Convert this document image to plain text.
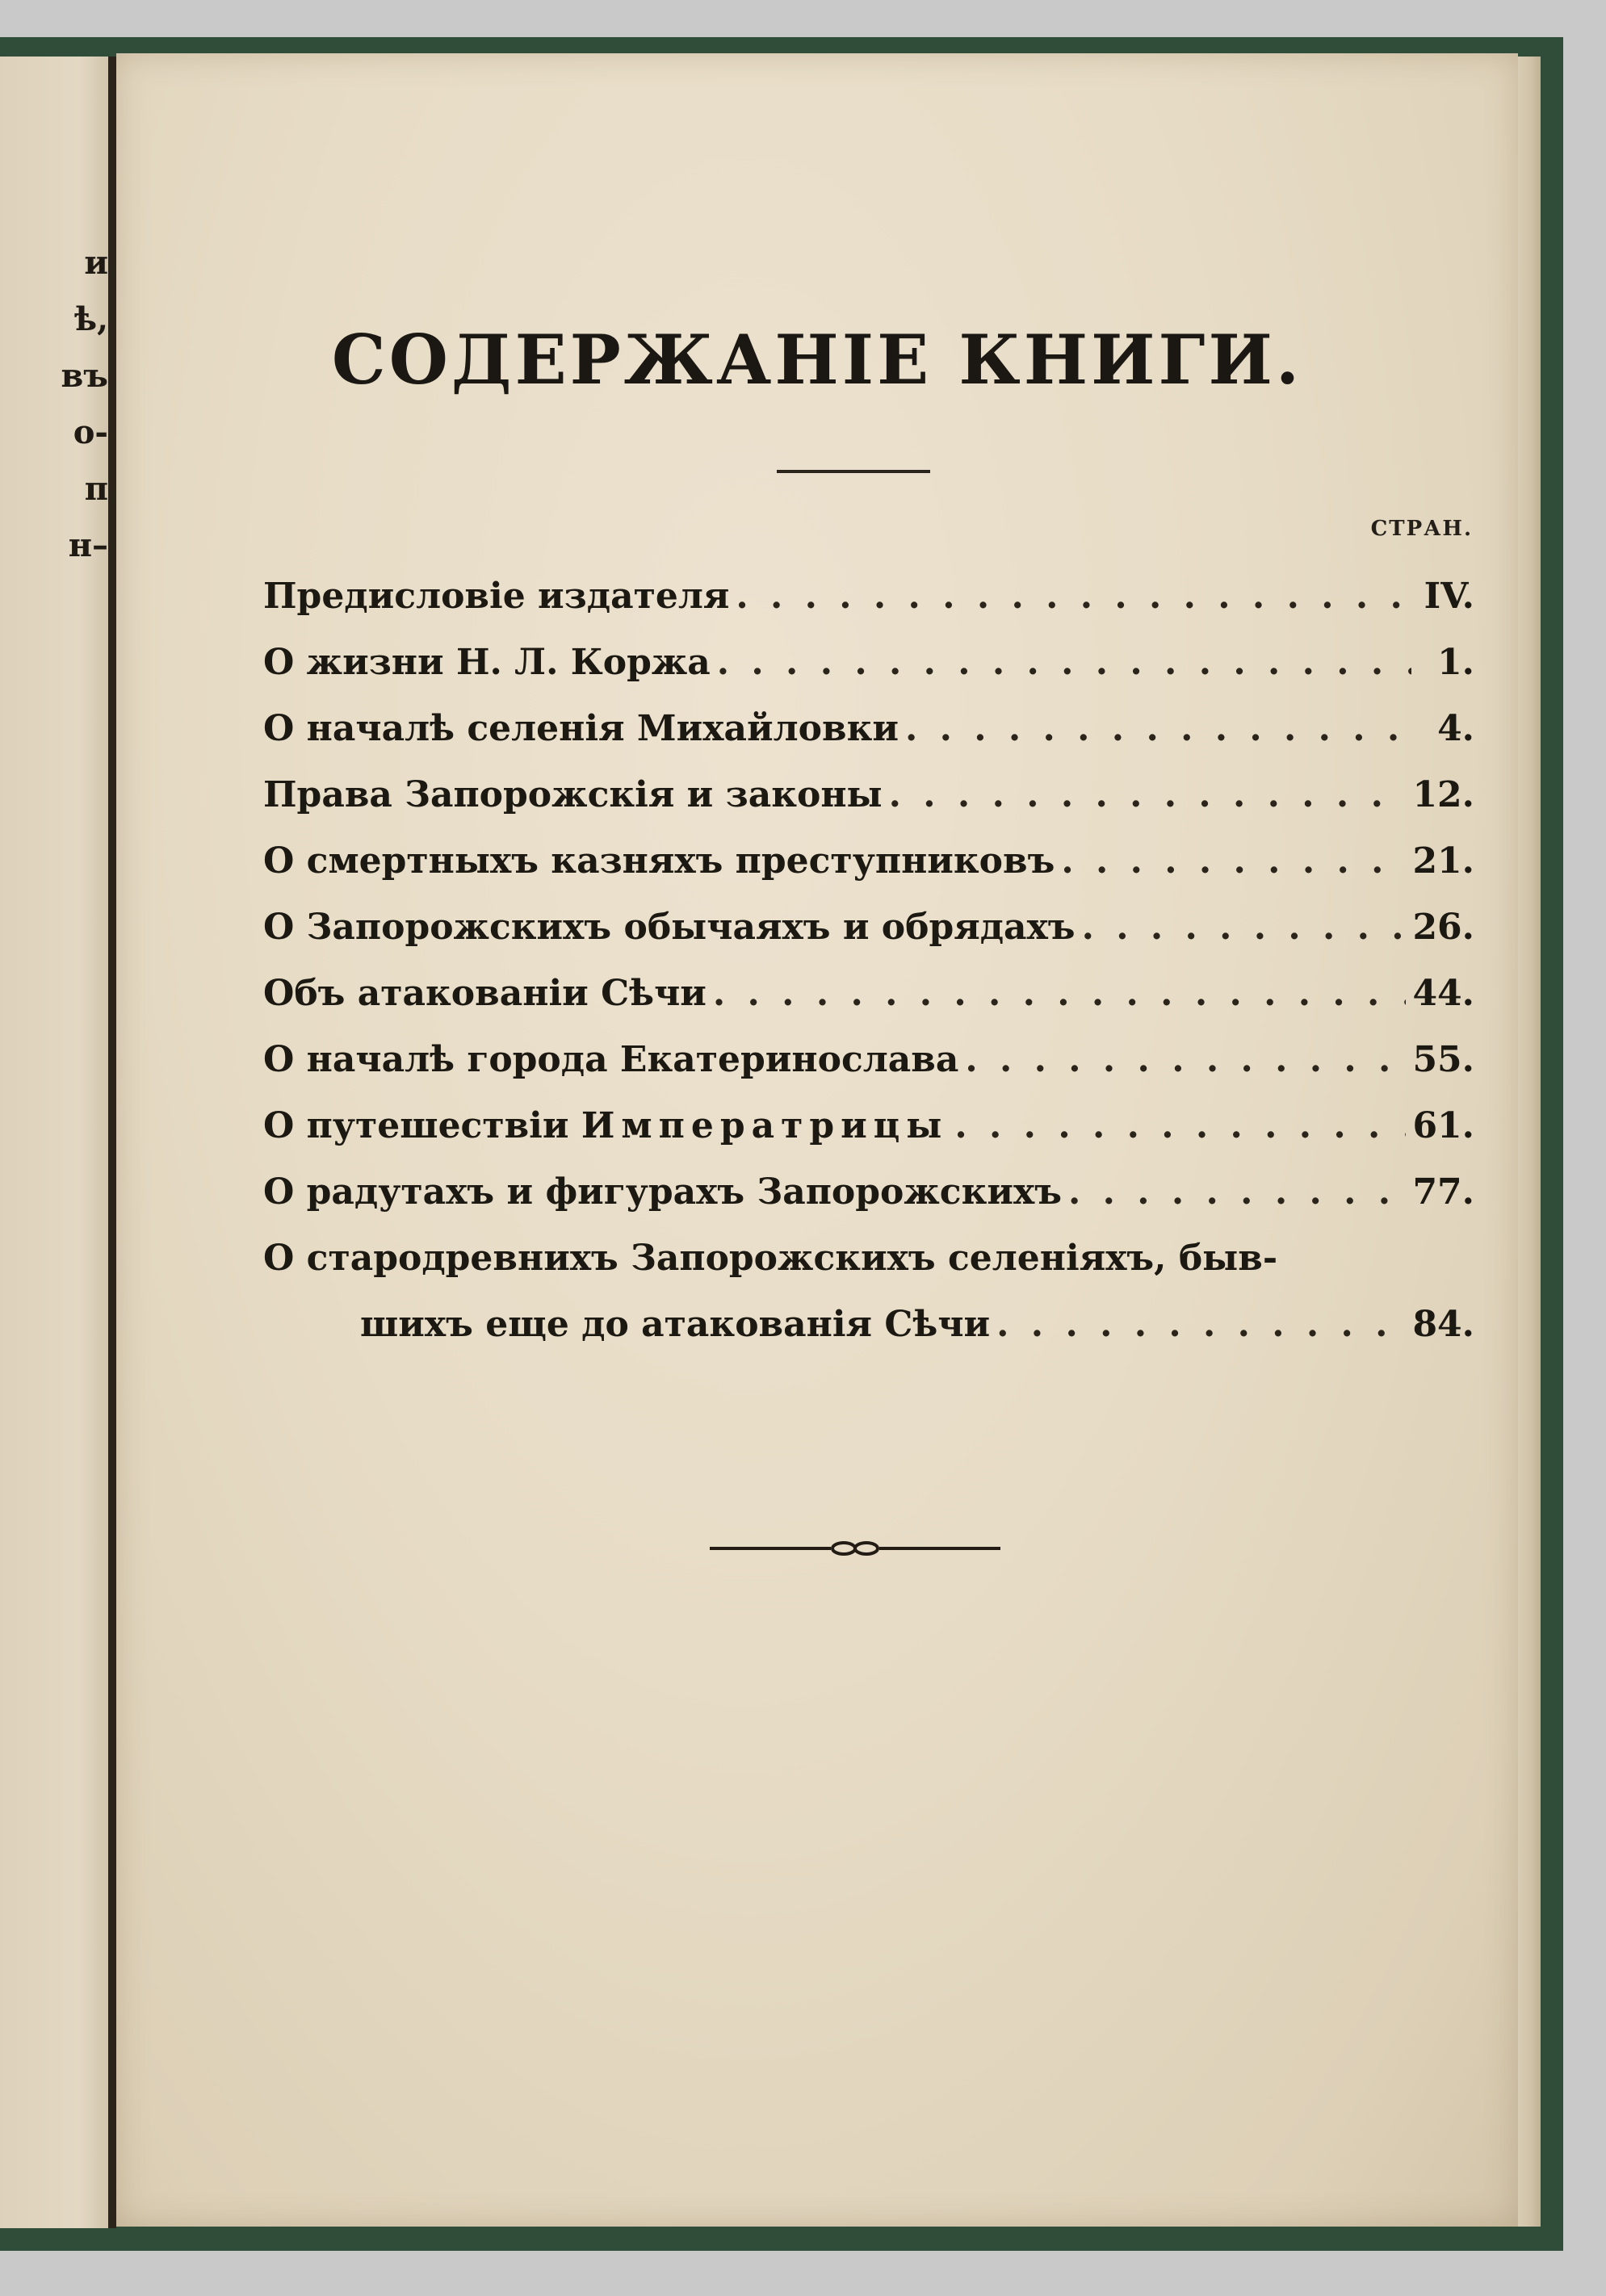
и
ѣ,
въ
о-
п
н–
СОДЕРЖАНІЕ КНИГИ.
СТРАН.
Предисловіе издателя . . .	IV.
О жизни Н. Л. Коржа . . .	1.
О началѣ селенія Михайловки . . .	4.
Права Запорожскія и законы . . .	12.
О смертныхъ казняхъ преступниковъ . . .	21.
О Запорожскихъ обычаяхъ и обрядахъ . . .	26.
Объ атакованіи Сѣчи . . .	44.
О началѣ города Екатеринослава . . .	55.
О путешествіи Императрицы . . .	61.
О радутахъ и фигурахъ Запорожскихъ . . .	77.
О стародревнихъ Запорожскихъ селеніяхъ, быв-
шихъ еще до атакованія Сѣчи . . .	84.
